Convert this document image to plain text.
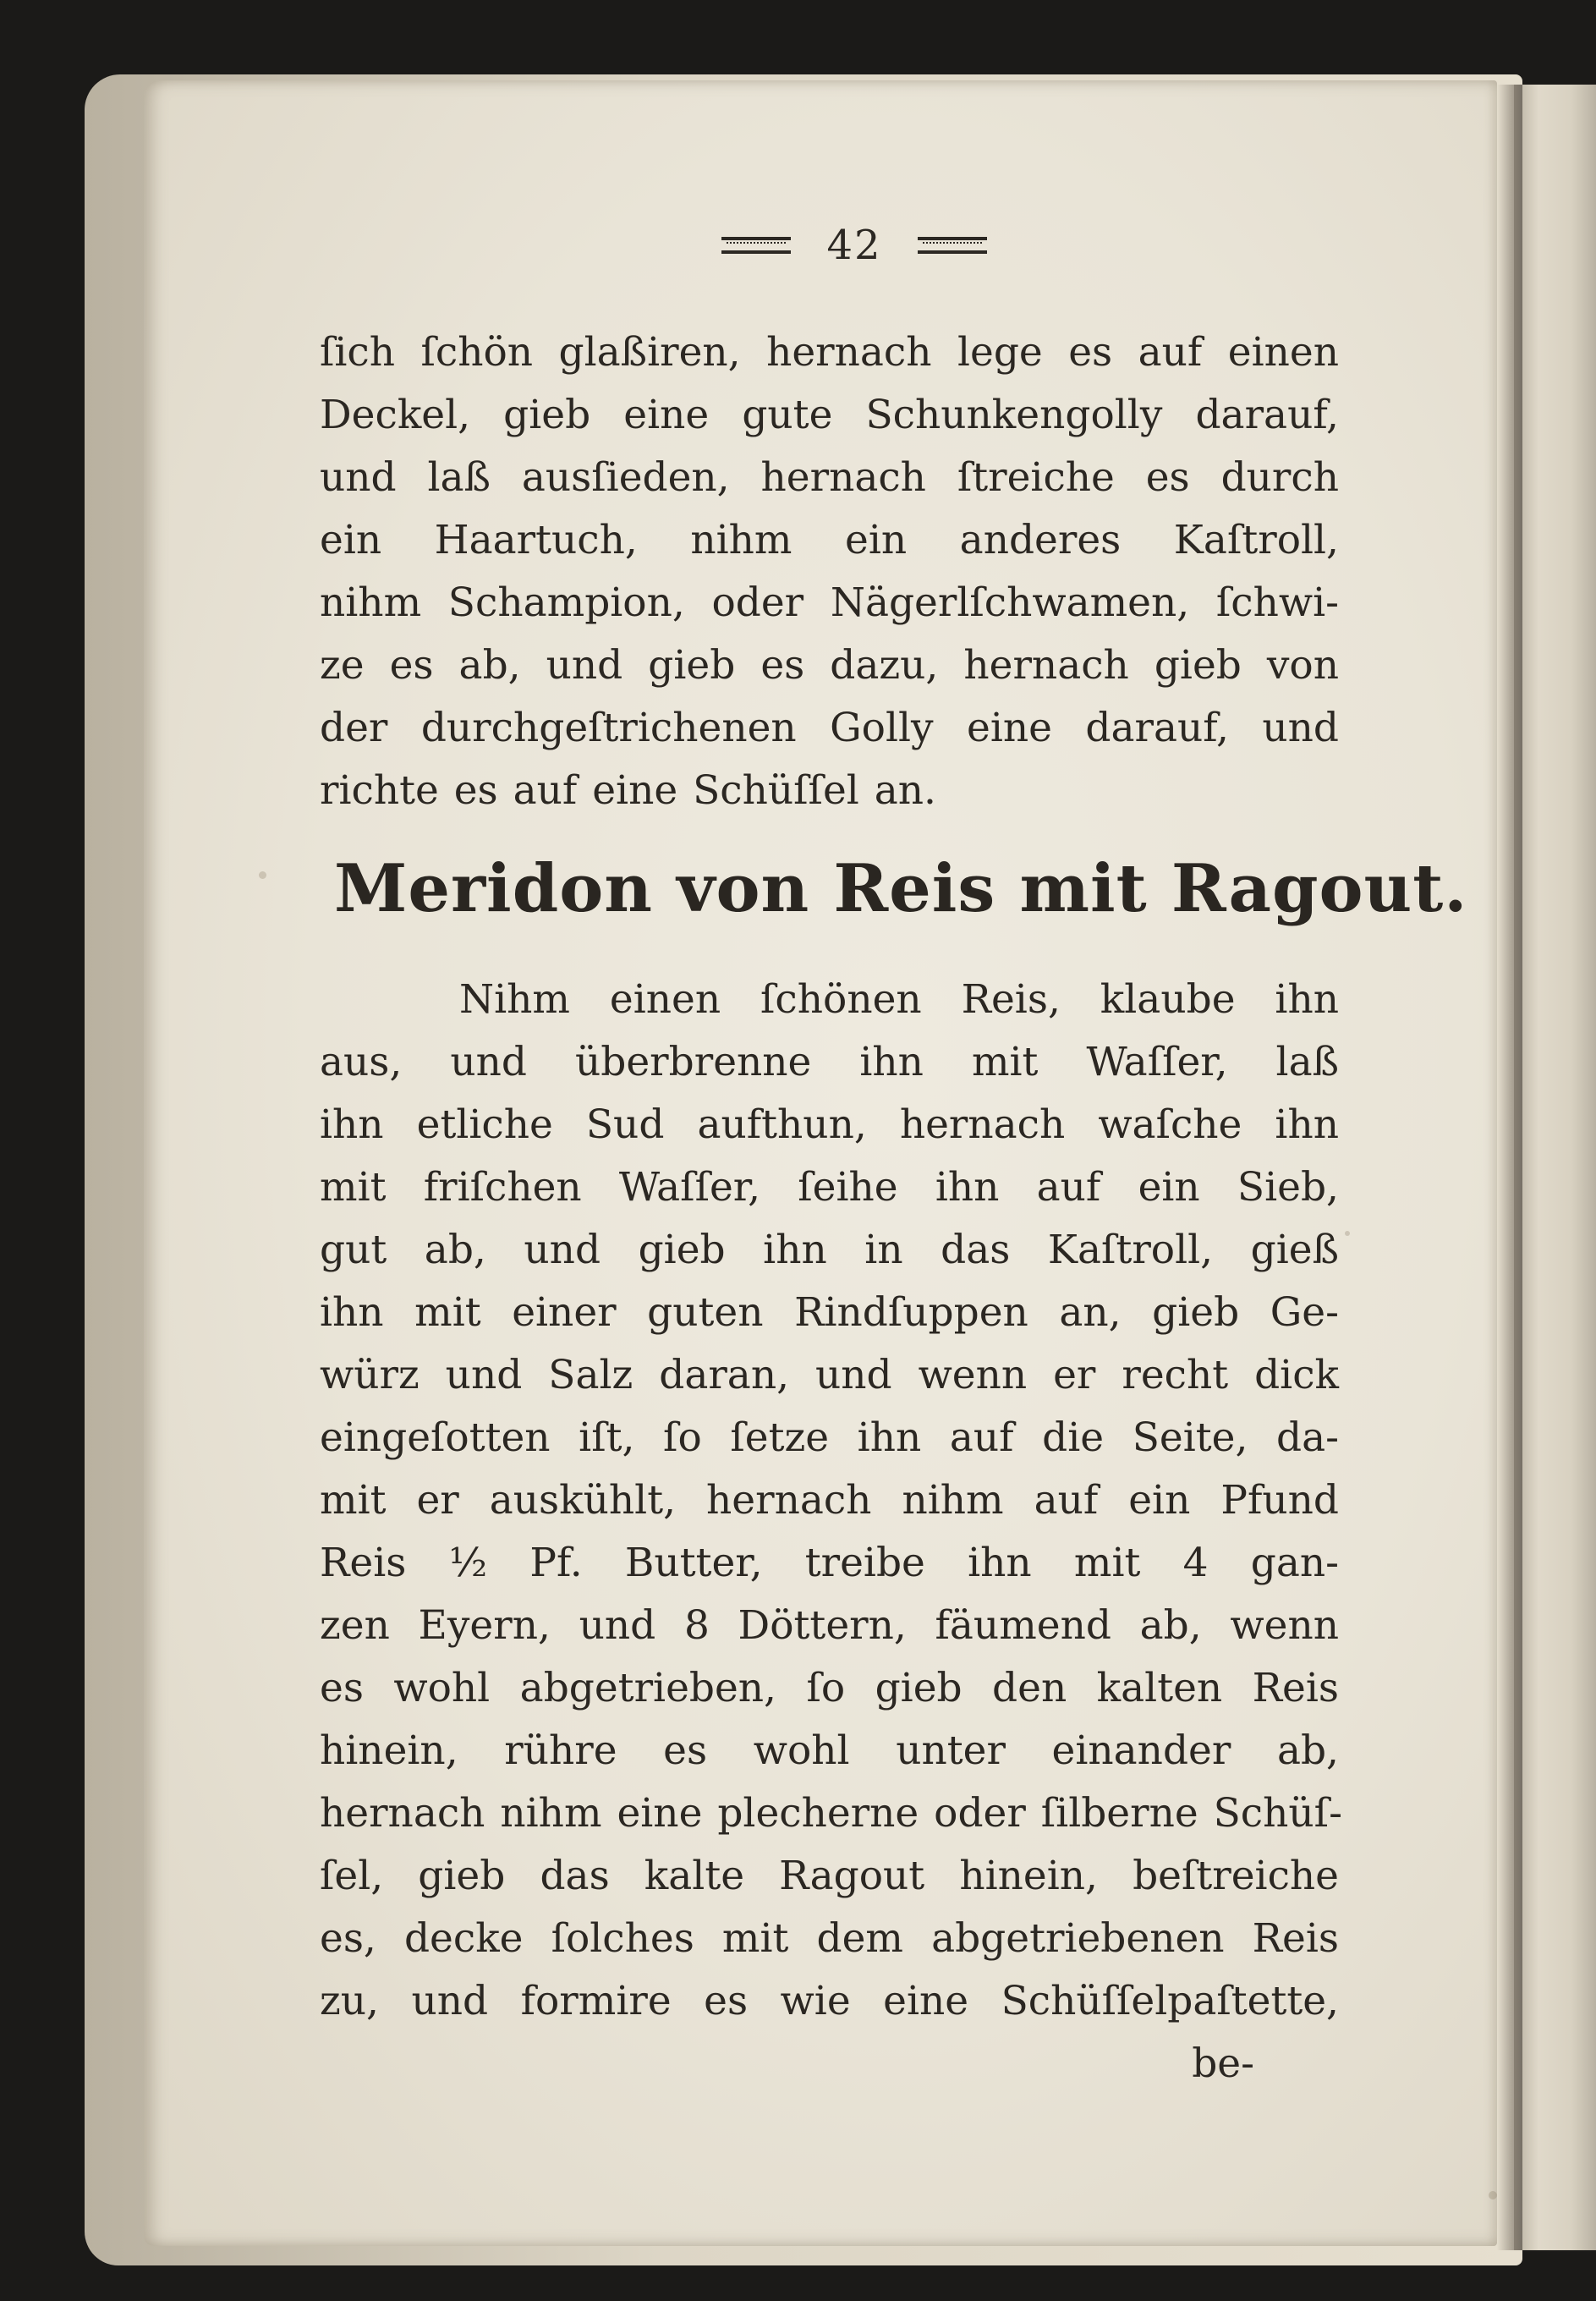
42
ſich ſchön glaßiren, hernach lege es auf einen
Deckel, gieb eine gute Schunkengolly darauf,
und laß ausſieden, hernach ſtreiche es durch
ein Haartuch, nihm ein anderes Kaſtroll,
nihm Schampion, oder Nägerlſchwamen, ſchwi-
ze es ab, und gieb es dazu, hernach gieb von
der durchgeſtrichenen Golly eine darauf, und
richte es auf eine Schüſſel an.
Meridon von Reis mit Ragout.
Nihm einen ſchönen Reis, klaube ihn
aus, und überbrenne ihn mit Waſſer, laß
ihn etliche Sud aufthun, hernach waſche ihn
mit friſchen Waſſer, ſeihe ihn auf ein Sieb,
gut ab, und gieb ihn in das Kaſtroll, gieß
ihn mit einer guten Rindſuppen an, gieb Ge-
würz und Salz daran, und wenn er recht dick
eingeſotten iſt, ſo ſetze ihn auf die Seite, da-
mit er auskühlt, hernach nihm auf ein Pfund
Reis ½ Pf. Butter, treibe ihn mit 4 gan-
zen Eyern, und 8 Döttern, fäumend ab, wenn
es wohl abgetrieben, ſo gieb den kalten Reis
hinein, rühre es wohl unter einander ab,
hernach nihm eine plecherne oder ſilberne Schüſ-
ſel, gieb das kalte Ragout hinein, beſtreiche
es, decke ſolches mit dem abgetriebenen Reis
zu, und formire es wie eine Schüſſelpaſtette,
be-
